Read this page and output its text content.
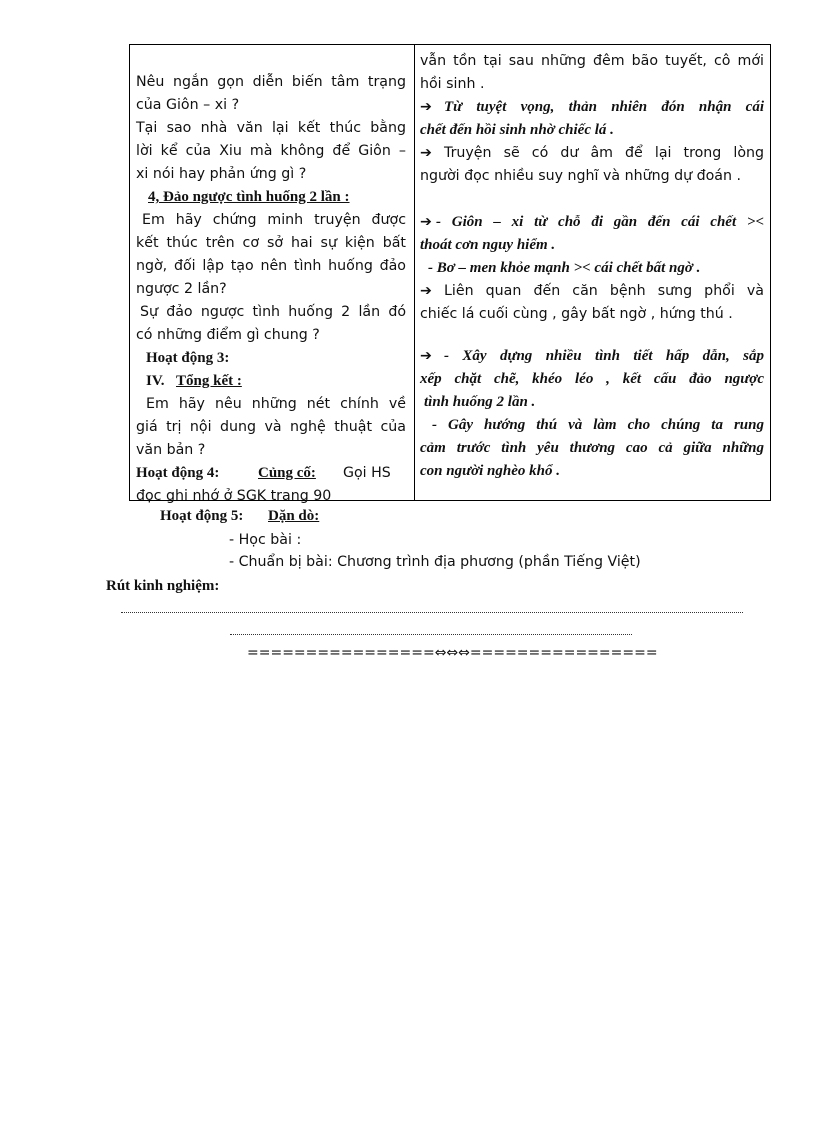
Nêu ngắn gọn diễn biến tâm trạng
của Giôn – xi ?
Tại sao nhà văn lại kết thúc bằng
lời kể của Xiu mà không để Giôn –
xi nói hay phản ứng gì ?
4, Đảo ngược tình huống 2 lần :
Em hãy chứng minh truyện được
kết thúc trên cơ sở hai sự kiện bất
ngờ, đối lập tạo nên tình huống đảo
ngược 2 lần?
Sự đảo ngược tình huống 2 lần đó
có những điểm gì chung ?
Hoạt động 3:
IV. Tổng kết :
Em hãy nêu những nét chính về
giá trị nội dung và nghệ thuật của
văn bản ?
Hoạt động 4:	Củng cố: Gọi HS
đọc ghi nhớ ở SGK trang 90
vẫn tồn tại sau những đêm bão tuyết, cô mới
hồi sinh .
➔ Từ tuyệt vọng, thản nhiên đón nhận cái
chết đến hồi sinh nhờ chiếc lá .
➔ Truyện sẽ có dư âm để lại trong lòng
người đọc nhiều suy nghĩ và những dự đoán .
➔ - Giôn – xi từ chỗ đi gần đến cái chết ><
thoát cơn nguy hiểm .
- Bơ – men khỏe mạnh >< cái chết bất ngờ .
➔ Liên quan đến căn bệnh sưng phổi và
chiếc lá cuối cùng , gây bất ngờ , hứng thú .
➔ - Xây dựng nhiều tình tiết hấp dẫn, sắp
xếp chặt chẽ, khéo léo , kết cấu đảo ngược
tình huống 2 lần .
- Gây hướng thú và làm cho chúng ta rung
cảm trước tình yêu thương cao cả giữa những
con người nghèo khổ .
Hoạt động 5: Dặn dò:
- Học bài :
- Chuẩn bị bài: Chương trình địa phương (phần Tiếng Việt)
Rút kinh nghiệm:
================⇔⇔⇔================
